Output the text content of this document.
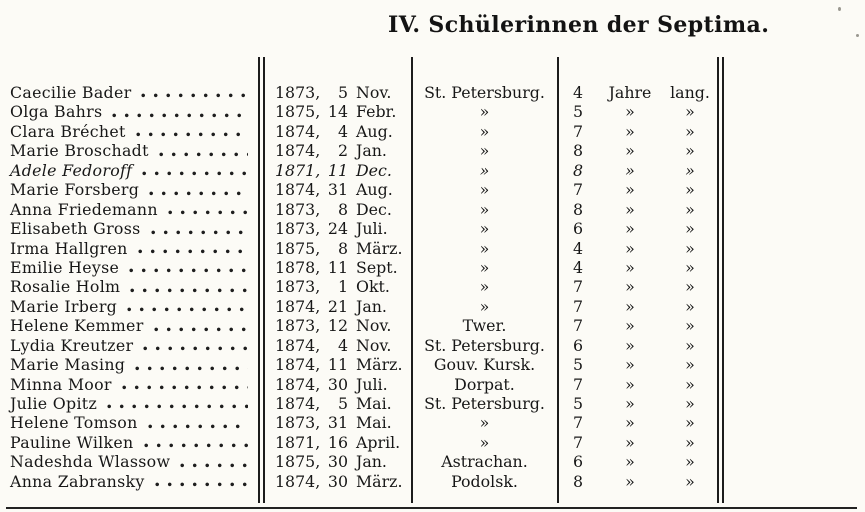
IV. Schülerinnen der Septima.
Caecilie Bader	1873,	5 Nov.	St. Petersburg.	4	Jahre	lang.
Olga Bahrs	1875, 14 Febr.	»	5	»	»
Clara Bréchet	1874,	4 Aug.	»	7	»	»
Marie Broschadt	1874,	2 Jan.	»	8	»	»
Adele Fedoroff	1871, 11 Dec.	»	8	»	»
Marie Forsberg	1874, 31 Aug.	»	7	»	»
Anna Friedemann	1873,	8 Dec.	»	8	»	»
Elisabeth Gross	1873, 24 Juli.	»	6	»	»
Irma Hallgren	1875,	8 März.	»	4	»	»
Emilie Heyse	1878, 11 Sept.	»	4	»	»
Rosalie Holm	1873,	1 Okt.	»	7	»	»
Marie Irberg	1874, 21 Jan.	»	7	»	»
Helene Kemmer	1873, 12 Nov.	Twer.	7	»	»
Lydia Kreutzer	1874,	4 Nov.	St. Petersburg.	6	»	»
Marie Masing	1874, 11 März.	Gouv. Kursk.	5	»	»
Minna Moor	1874, 30 Juli.	Dorpat.	7	»	»
Julie Opitz	1874,	5 Mai.	St. Petersburg.	5	»	»
Helene Tomson	1873, 31 Mai.	»	7	»	»
Pauline Wilken	1871, 16 April.	»	7	»	»
Nadeshda Wlassow	1875, 30 Jan.	Astrachan.	6	»	»
Anna Zabransky	1874, 30 März.	Podolsk.	8	»	»
